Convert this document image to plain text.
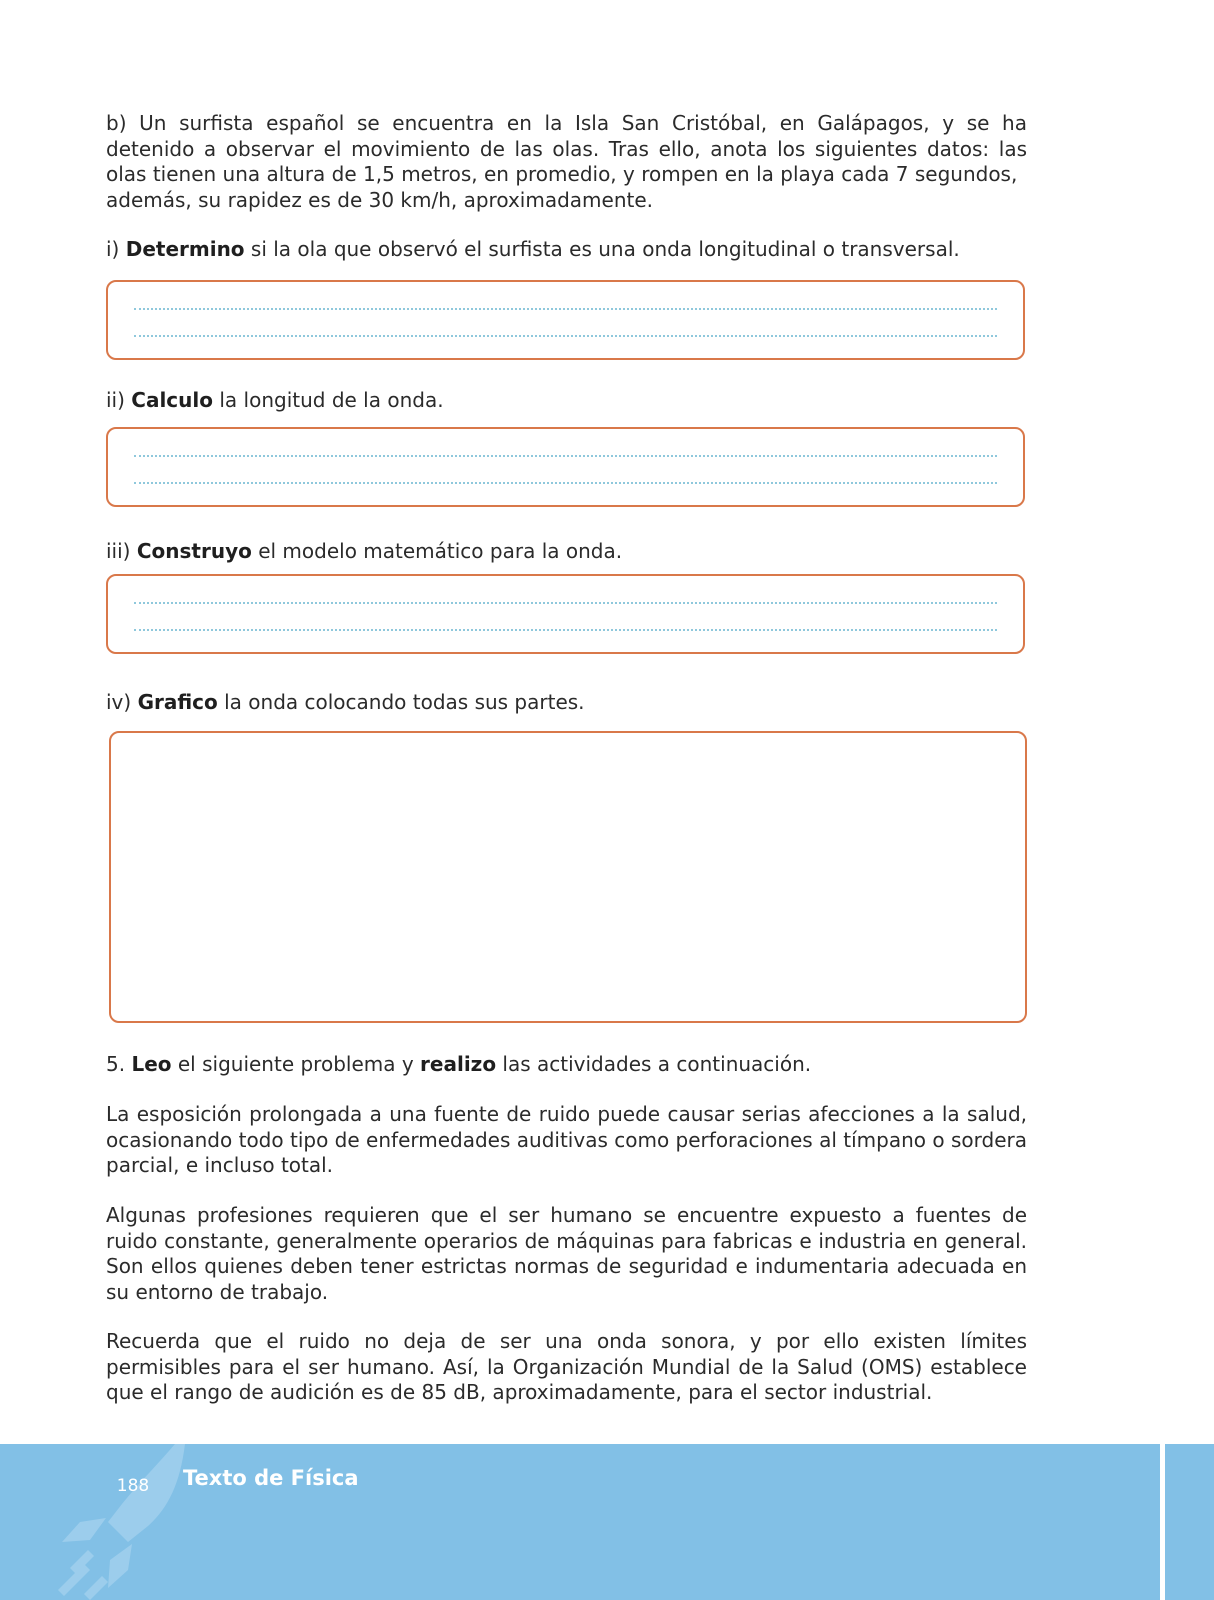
b) Un surfista español se encuentra en la Isla San Cristóbal, en Galápagos, y se ha detenido a observar el movimiento de las olas. Tras ello, anota los siguientes datos: las olas tienen una altura de 1,5 metros, en promedio, y rompen en la playa cada 7 segundos,

además, su rapidez es de 30 km/h, aproximadamente.

i) Determino si la ola que observó el surfista es una onda longitudinal o transversal.

ii) Calculo la longitud de la onda.

iii) Construyo el modelo matemático para la onda.

iv) Grafico la onda colocando todas sus partes.

5. Leo el siguiente problema y realizo las actividades a continuación.

La esposición prolongada a una fuente de ruido puede causar serias afecciones a la salud, ocasionando todo tipo de enfermedades auditivas como perforaciones al tímpano o sordera parcial, e incluso total.

Algunas profesiones requieren que el ser humano se encuentre expuesto a fuentes de ruido constante, generalmente operarios de máquinas para fabricas e industria en general. Son ellos quienes deben tener estrictas normas de seguridad e indumentaria adecuada en su entorno de trabajo.

Recuerda que el ruido no deja de ser una onda sonora, y por ello existen límites permisibles para el ser humano. Así, la Organización Mundial de la Salud (OMS) establece que el rango de audición es de 85 dB, aproximadamente, para el sector industrial.

Texto de Física
188
